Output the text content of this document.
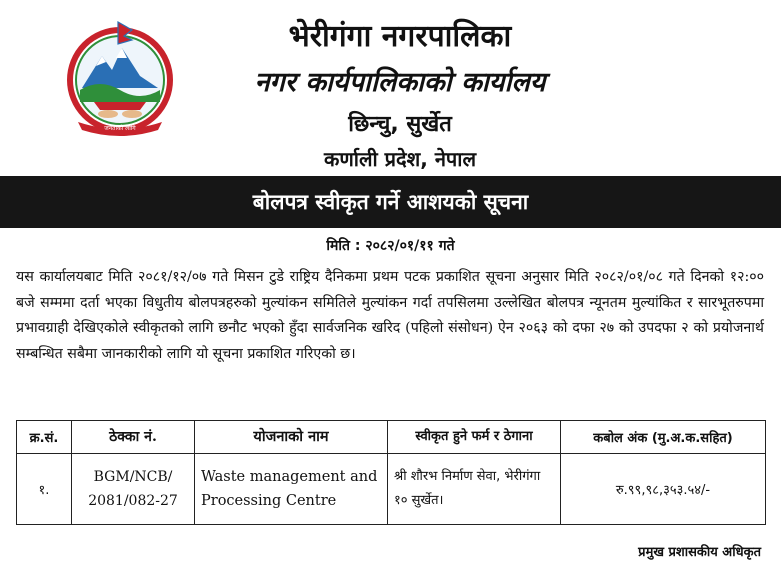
जनताको लागि
भेरीगंगा नगरपालिका
नगर कार्यपालिकाको कार्यालय
छिन्चु, सुर्खेत
कर्णाली प्रदेश, नेपाल
बोलपत्र स्वीकृत गर्ने आशयको सूचना
मिति : २०८२/०१/११ गते
यस कार्यालयबाट मिति २०८१/१२/०७ गते मिसन टुडे राष्ट्रिय दैनिकमा प्रथम पटक प्रकाशित सूचना अनुसार मिति २०८२/०१/०८ गते दिनको १२:०० बजे सम्ममा दर्ता भएका विधुतीय बोलपत्रहरुको मुल्यांकन समितिले मुल्यांकन गर्दा तपसिलमा उल्लेखित बोलपत्र न्यूनतम मुल्यांकित र सारभूतरुपमा प्रभावग्राही देखिएकोले स्वीकृतको लागि छनौट भएको हुँदा सार्वजनिक खरिद (पहिलो संसोधन) ऐन २०६३ को दफा २७ को उपदफा २ को प्रयोजनार्थ सम्बन्धित सबैमा जानकारीको लागि यो सूचना प्रकाशित गरिएको छ।
क्र.सं.	ठेक्का नं.	योजनाको नाम	स्वीकृत हुने फर्म र ठेगाना	कबोल अंक (मु.अ.क.सहित)
१.	BGM/NCB/ 2081/082-27	Waste management and Processing Centre	श्री शौरभ निर्माण सेवा, भेरीगंगा १० सुर्खेत।	रु.९९,९८,३५३.५४/-
प्रमुख प्रशासकीय अधिकृत
